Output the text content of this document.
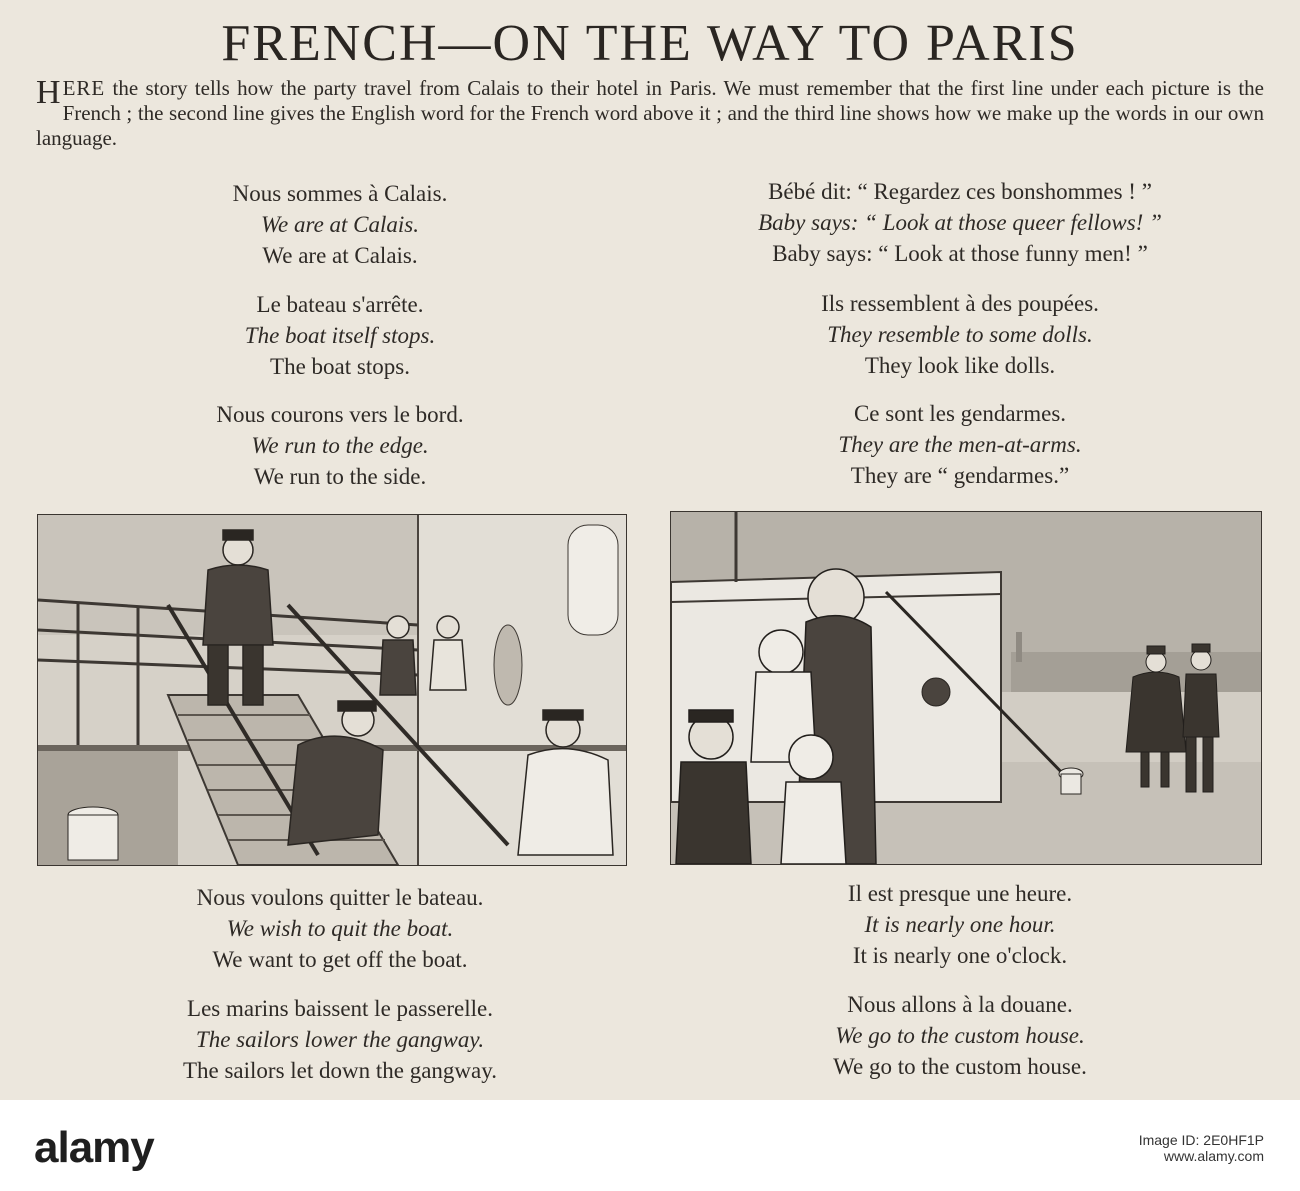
FRENCH—ON THE WAY TO PARIS
HERE the story tells how the party travel from Calais to their hotel in Paris. We must remember that the first line under each picture is the French ; the second line gives the English word for the French word above it ; and the third line shows how we make up the words in our own language.
Nous sommes à Calais.
We are at Calais.
We are at Calais.
Le bateau s'arrête.
The boat itself stops.
The boat stops.
Nous courons vers le bord.
We run to the edge.
We run to the side.
Bébé dit: “ Regardez ces bonshommes ! ”
Baby says: “ Look at those queer fellows! ”
Baby says: “ Look at those funny men! ”
Ils ressemblent à des poupées.
They resemble to some dolls.
They look like dolls.
Ce sont les gendarmes.
They are the men-at-arms.
They are “ gendarmes.”
Nous voulons quitter le bateau.
We wish to quit the boat.
We want to get off the boat.
Les marins baissent le passerelle.
The sailors lower the gangway.
The sailors let down the gangway.
Il est presque une heure.
It is nearly one hour.
It is nearly one o'clock.
Nous allons à la douane.
We go to the custom house.
We go to the custom house.
alamy	Image ID: 2E0HF1P
www.alamy.com
